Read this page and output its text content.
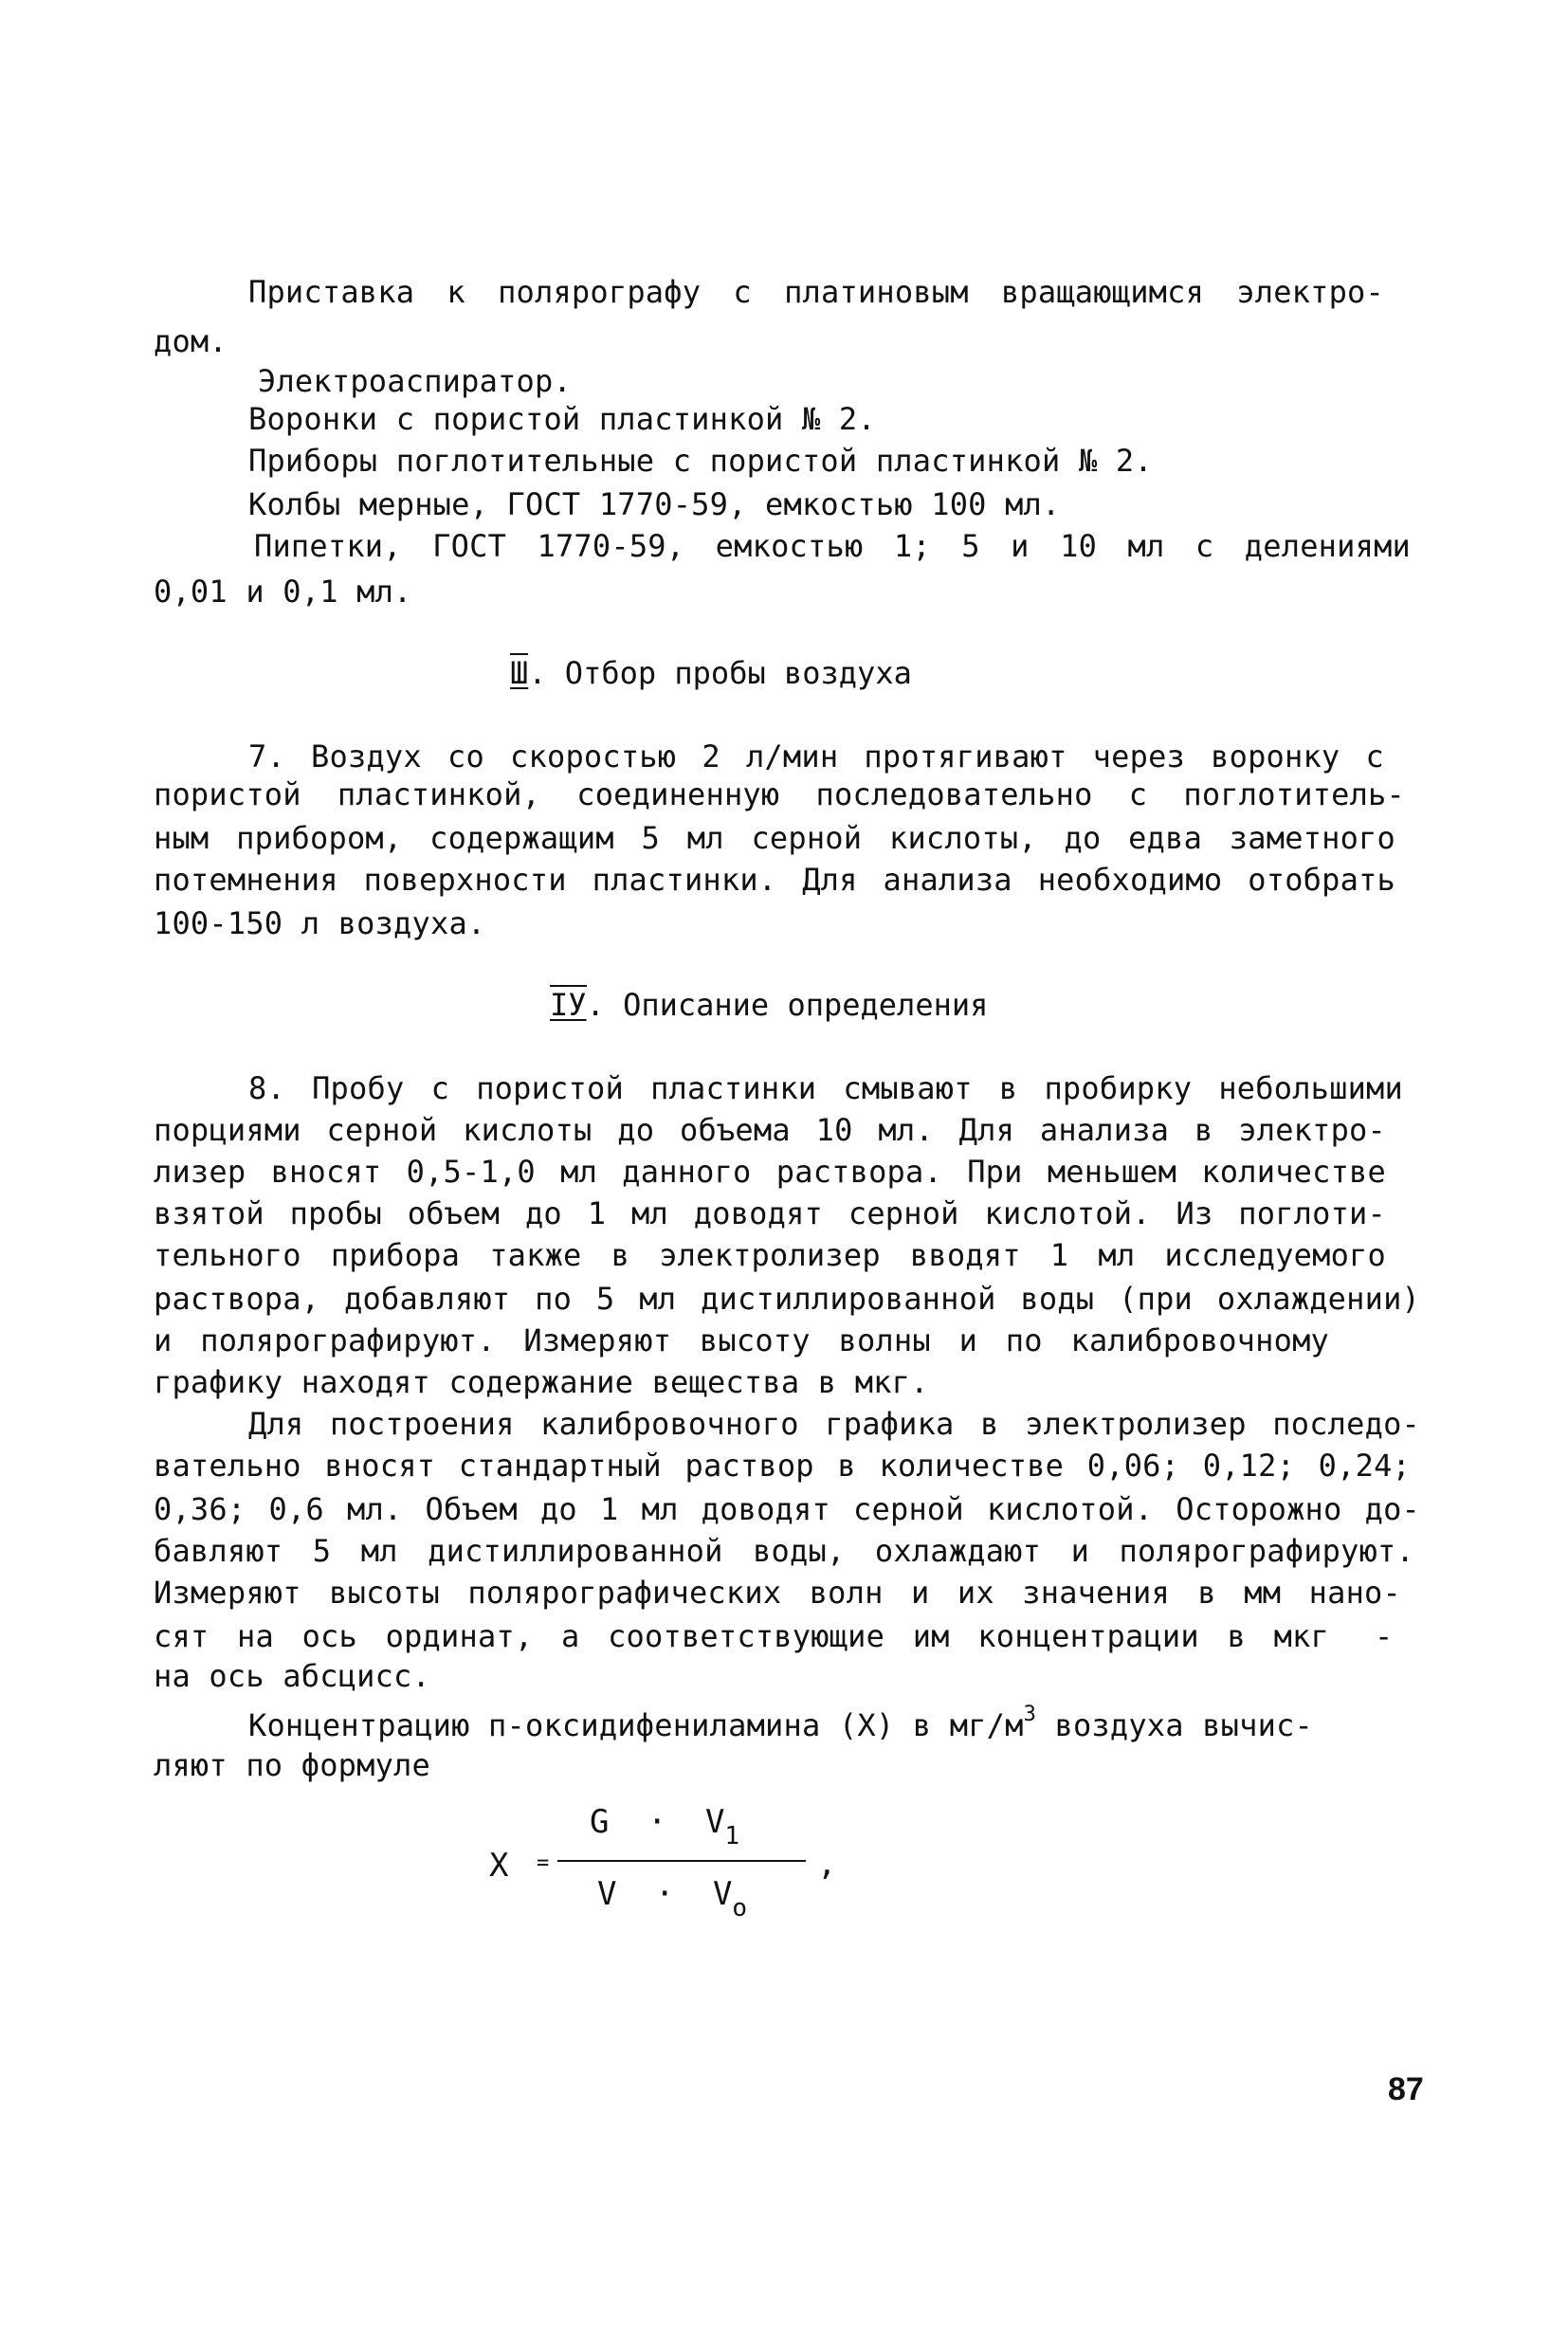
Приставка к полярографу с платиновым вращающимся электро-
дом.
Электроаспиратор.
Воронки с пористой пластинкой № 2.
Приборы поглотительные с пористой пластинкой № 2.
Колбы мерные, ГОСТ 1770-59, емкостью 100 мл.
Пипетки, ГОСТ 1770-59, емкостью 1; 5 и 10 мл с делениями
0,01 и 0,1 мл.
Ш. Отбор пробы воздуха
7. Воздух со скоростью 2 л/мин протягивают через воронку с
пористой пластинкой, соединенную последовательно с поглотитель-
ным прибором, содержащим 5 мл серной кислоты, до едва заметного
потемнения поверхности пластинки. Для анализа необходимо отобрать
100-150 л воздуха.
IУ. Описание определения
8. Пробу с пористой пластинки смывают в пробирку небольшими
порциями серной кислоты до объема 10 мл. Для анализа в электро-
лизер вносят 0,5-1,0 мл данного раствора. При меньшем количестве
взятой пробы объем до 1 мл доводят серной кислотой. Из поглоти-
тельного прибора также в электролизер вводят 1 мл исследуемого
раствора, добавляют по 5 мл дистиллированной воды (при охлаждении)
и полярографируют. Измеряют высоту волны и по калибровочному
графику находят содержание вещества в мкг.
Для построения калибровочного графика в электролизер последо-
вательно вносят стандартный раствор в количестве 0,06; 0,12; 0,24;
0,36; 0,6 мл. Объем до 1 мл доводят серной кислотой. Осторожно до-
бавляют 5 мл дистиллированной воды, охлаждают и полярографируют.
Измеряют высоты полярографических волн и их значения в мм нано-
сят на ось ординат, а соответствующие им концентрации в мкг -
на ось абсцисс.
Концентрацию п-оксидифениламина (X) в $мг/м^3$ воздуха вычис-
ляют по формуле
X =
$G \cdot V_1$
$V \cdot V_o$
,
87
